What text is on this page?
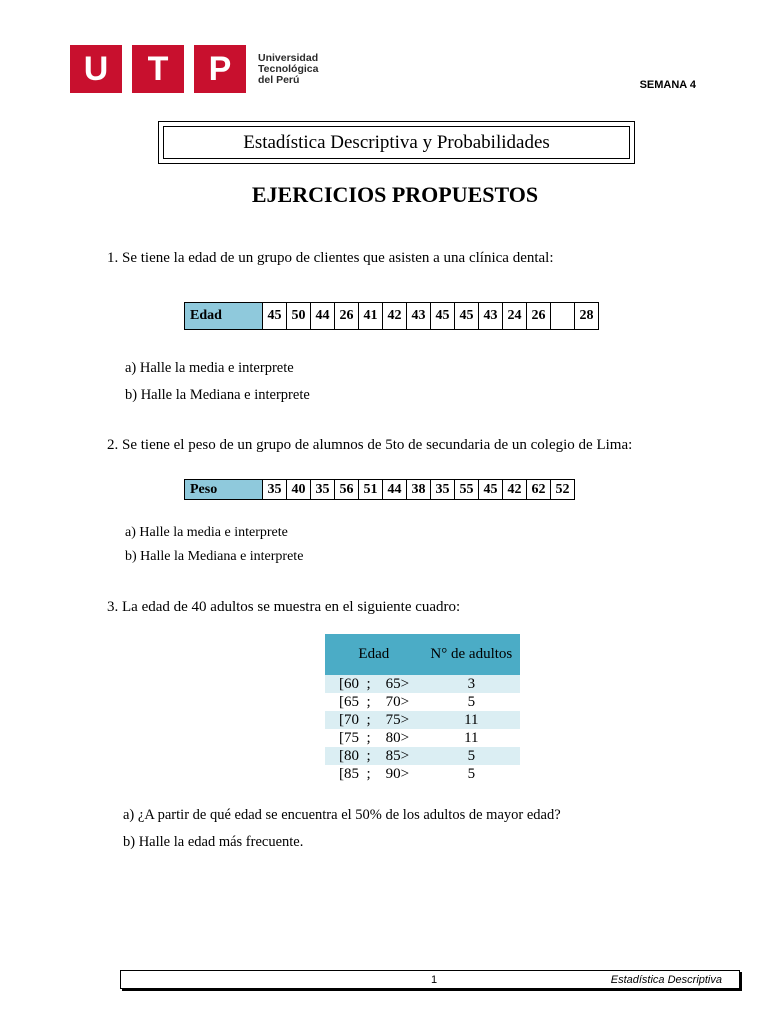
U	T	P	Universidad
Tecnológica
del Perú	SEMANA 4
Estadística Descriptiva y Probabilidades
EJERCICIOS PROPUESTOS
1. Se tiene la edad de un grupo de clientes que asisten a una clínica dental:
Edad	45	50	44	26	41	42	43	45	45	43	24	26		28
a) Halle la media e interprete
b) Halle la Mediana e interprete
2. Se tiene el peso de un grupo de alumnos de 5to de secundaria de un colegio de Lima:
Peso	35	40	35	56	51	44	38	35	55	45	42	62	52
a) Halle la media e interprete
b) Halle la Mediana e interprete
3. La edad de 40 adultos se muestra en el siguiente cuadro:
Edad	N° de adultos
[60  ;    65>	3
[65  ;    70>	5
[70  ;    75>	11
[75  ;    80>	11
[80  ;    85>	5
[85  ;    90>	5
a) ¿A partir de qué edad se encuentra el 50% de los adultos de mayor edad?
b) Halle la edad más frecuente.
1	Estadística Descriptiva
